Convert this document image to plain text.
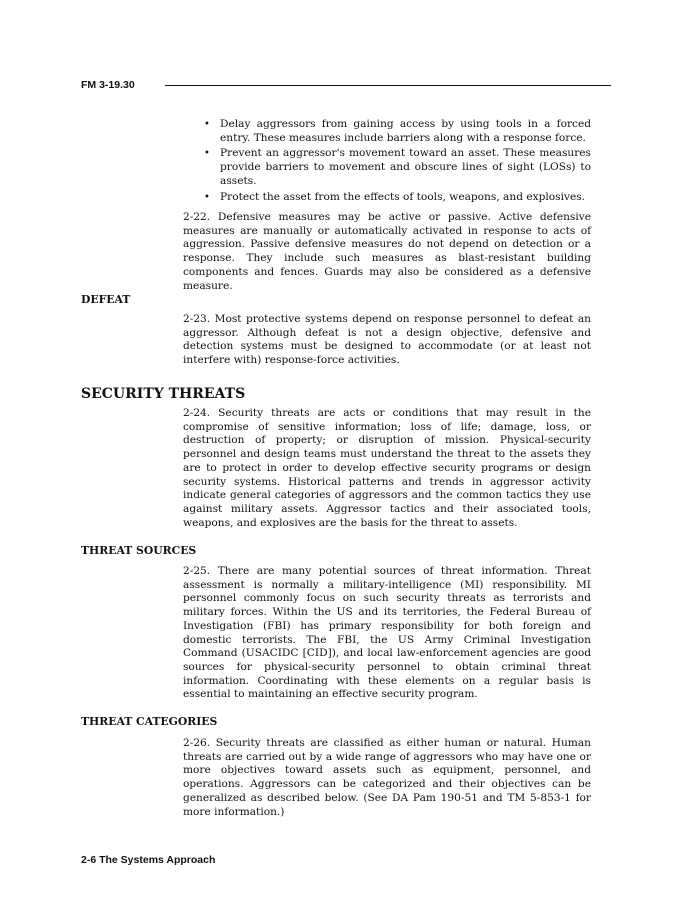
FM 3-19.30
• Delay aggressors from gaining access by using tools in a forced entry. These measures include barriers along with a response force.
• Prevent an aggressor's movement toward an asset. These measures provide barriers to movement and obscure lines of sight (LOSs) to assets.
• Protect the asset from the effects of tools, weapons, and explosives.

2-22. Defensive measures may be active or passive. Active defensive measures are manually or automatically activated in response to acts of aggression. Passive defensive measures do not depend on detection or a response. They include such measures as blast-resistant building components and fences. Guards may also be considered as a defensive measure.

DEFEAT

2-23. Most protective systems depend on response personnel to defeat an aggressor. Although defeat is not a design objective, defensive and detection systems must be designed to accommodate (or at least not interfere with) response-force activities.

SECURITY THREATS

2-24. Security threats are acts or conditions that may result in the compromise of sensitive information; loss of life; damage, loss, or destruction of property; or disruption of mission. Physical-security personnel and design teams must understand the threat to the assets they are to protect in order to develop effective security programs or design security systems. Historical patterns and trends in aggressor activity indicate general categories of aggressors and the common tactics they use against military assets. Aggressor tactics and their associated tools, weapons, and explosives are the basis for the threat to assets.

THREAT SOURCES

2-25. There are many potential sources of threat information. Threat assessment is normally a military-intelligence (MI) responsibility. MI personnel commonly focus on such security threats as terrorists and military forces. Within the US and its territories, the Federal Bureau of Investigation (FBI) has primary responsibility for both foreign and domestic terrorists. The FBI, the US Army Criminal Investigation Command (USACIDC [CID]), and local law-enforcement agencies are good sources for physical-security personnel to obtain criminal threat information. Coordinating with these elements on a regular basis is essential to maintaining an effective security program.

THREAT CATEGORIES

2-26. Security threats are classified as either human or natural. Human threats are carried out by a wide range of aggressors who may have one or more objectives toward assets such as equipment, personnel, and operations. Aggressors can be categorized and their objectives can be generalized as described below. (See DA Pam 190-51 and TM 5-853-1 for more information.)

2-6 The Systems Approach
